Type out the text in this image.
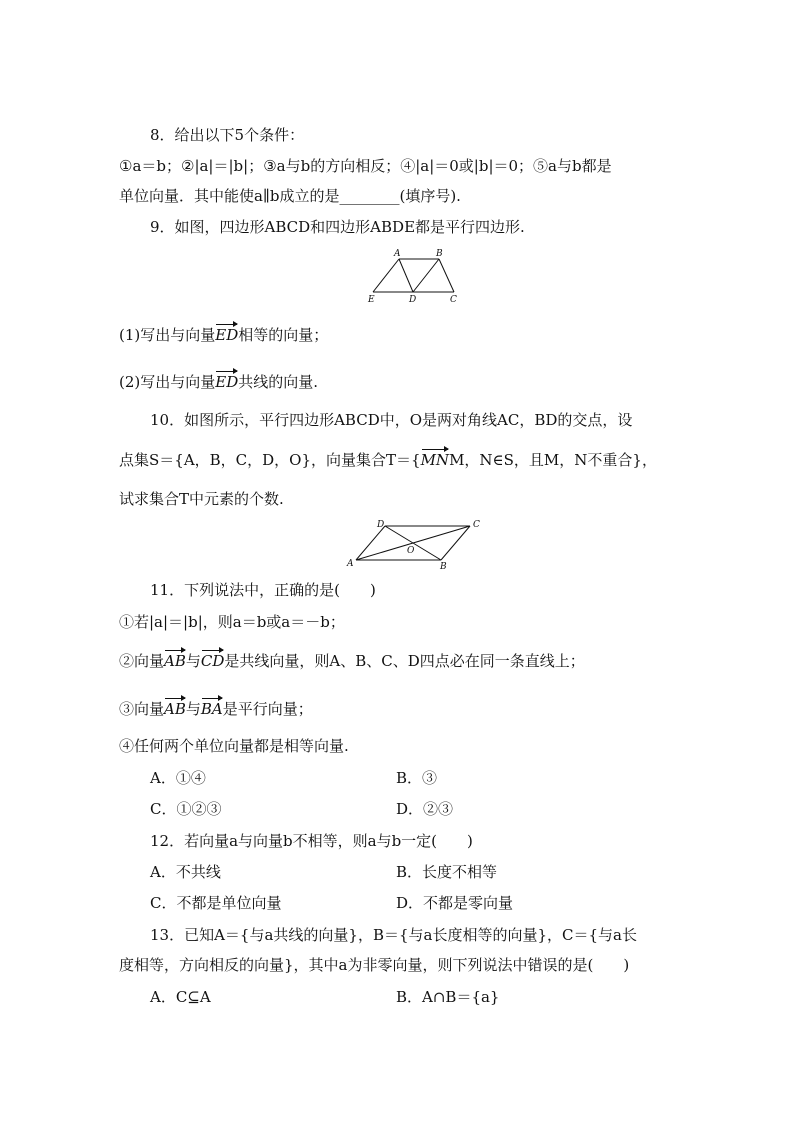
8．给出以下5个条件：
①a＝b；②|a|＝|b|；③a与b的方向相反；④|a|＝0或|b|＝0；⑤a与b都是
单位向量．其中能使a∥b成立的是________(填序号).
9．如图，四边形ABCD和四边形ABDE都是平行四边形.
A	B
E	D	C
(1)写出与向量ED相等的向量；
(2)写出与向量ED共线的向量.
10．如图所示，平行四边形ABCD中，O是两对角线AC，BD的交点，设
点集S＝{A，B，C，D，O}，向量集合T＝{MNM，N∈S，且M，N不重合}，
试求集合T中元素的个数.
D	C
A	B
O
11．下列说法中，正确的是(　　)
①若|a|＝|b|，则a＝b或a＝－b；
②向量AB与CD是共线向量，则A、B、C、D四点必在同一条直线上；
③向量AB与BA是平行向量；
④任何两个单位向量都是相等向量.
A．①④	B．③
C．①②③	D．②③
12．若向量a与向量b不相等，则a与b一定(　　)
A．不共线	B．长度不相等
C．不都是单位向量	D．不都是零向量
13．已知A＝{与a共线的向量}，B＝{与a长度相等的向量}，C＝{与a长
度相等，方向相反的向量}，其中a为非零向量，则下列说法中错误的是(　　)
A．C⊆A	B．A∩B＝{a}
